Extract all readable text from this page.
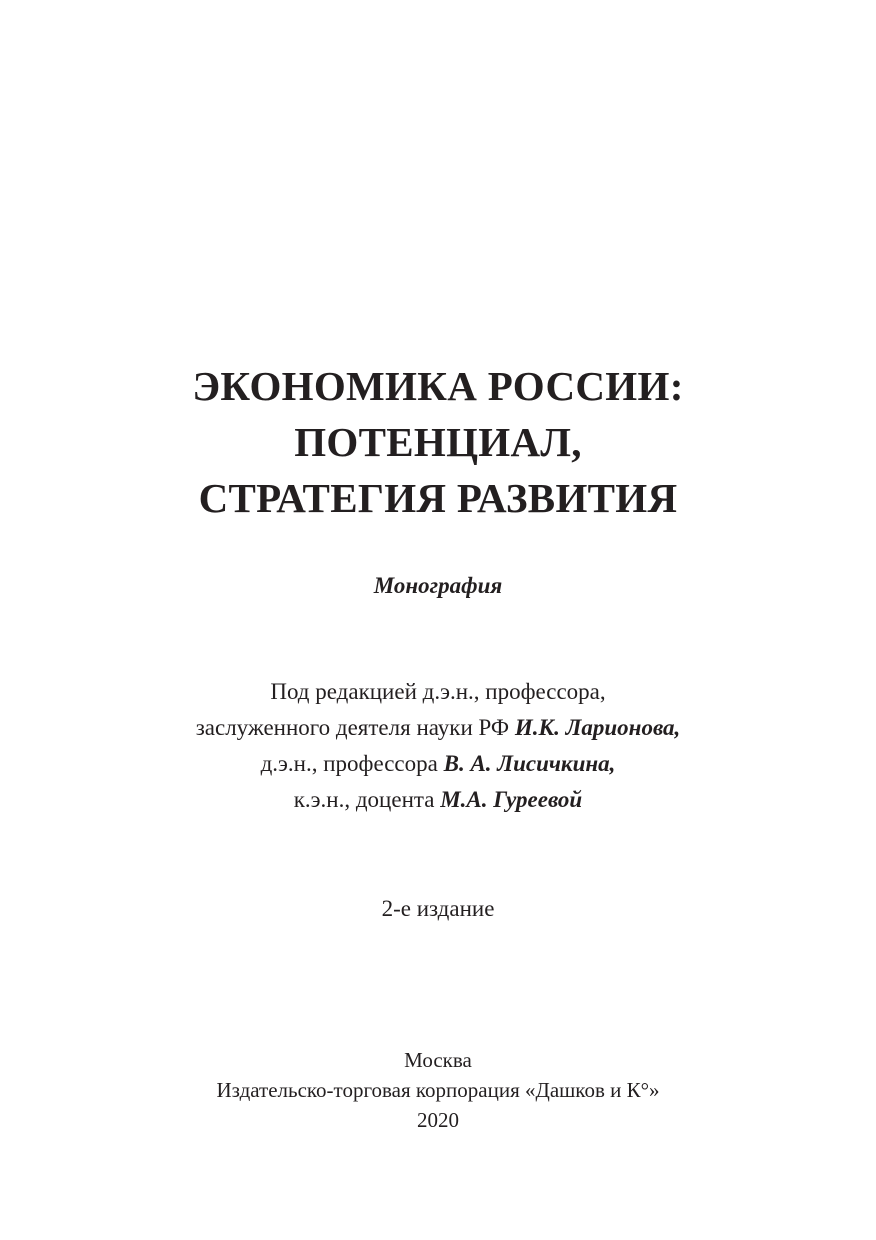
ЭКОНОМИКА РОССИИ:
ПОТЕНЦИАЛ,
СТРАТЕГИЯ РАЗВИТИЯ
Монография
Под редакцией д.э.н., профессора,
заслуженного деятеля науки РФ И.К. Ларионова,
д.э.н., профессора В. А. Лисичкина,
к.э.н., доцента М.А. Гуреевой
2-е издание
Москва
Издательско-торговая корпорация «Дашков и К°»
2020
